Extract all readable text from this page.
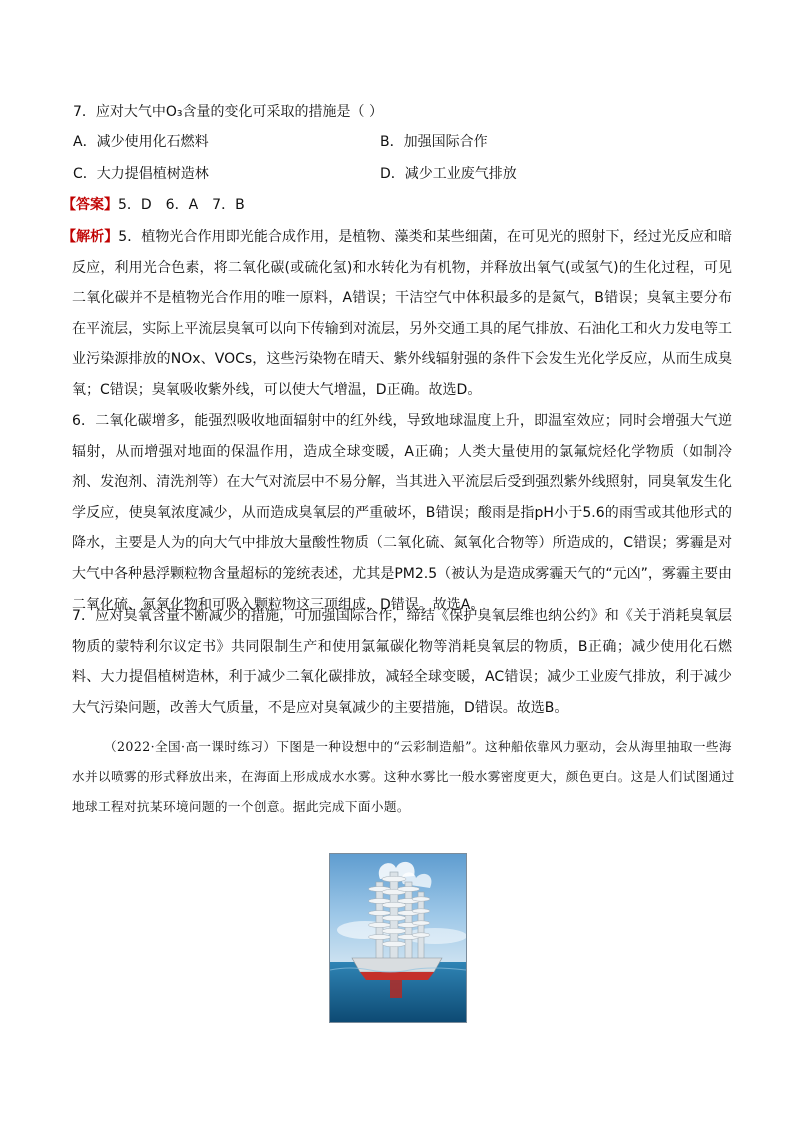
7．应对大气中O₃含量的变化可采取的措施是（ ）
A．减少使用化石燃料	B．加强国际合作
C．大力提倡植树造林	D．减少工业废气排放
【答案】5．D　6．A　7．B
【解析】5．植物光合作用即光能合成作用，是植物、藻类和某些细菌，在可见光的照射下，经过光反应和暗反应，利用光合色素，将二氧化碳(或硫化氢)和水转化为有机物，并释放出氧气(或氢气)的生化过程，可见二氧化碳并不是植物光合作用的唯一原料，A错误；干洁空气中体积最多的是氮气，B错误；臭氧主要分布在平流层，实际上平流层臭氧可以向下传输到对流层，另外交通工具的尾气排放、石油化工和火力发电等工业污染源排放的NOx、VOCs，这些污染物在晴天、紫外线辐射强的条件下会发生光化学反应，从而生成臭氧；C错误；臭氧吸收紫外线，可以使大气增温，D正确。故选D。
6．二氧化碳增多，能强烈吸收地面辐射中的红外线，导致地球温度上升，即温室效应；同时会增强大气逆辐射，从而增强对地面的保温作用，造成全球变暖，A正确；人类大量使用的氯氟烷烃化学物质（如制冷剂、发泡剂、清洗剂等）在大气对流层中不易分解，当其进入平流层后受到强烈紫外线照射，同臭氧发生化学反应，使臭氧浓度减少，从而造成臭氧层的严重破坏，B错误；酸雨是指pH小于5.6的雨雪或其他形式的降水，主要是人为的向大气中排放大量酸性物质（二氧化硫、氮氧化合物等）所造成的，C错误；雾霾是对大气中各种悬浮颗粒物含量超标的笼统表述，尤其是PM2.5（被认为是造成雾霾天气的“元凶”，雾霾主要由二氧化硫、氮氧化物和可吸入颗粒物这三项组成，D错误。故选A。
7．应对臭氧含量不断减少的措施，可加强国际合作，缔结《保护臭氧层维也纳公约》和《关于消耗臭氧层物质的蒙特利尔议定书》共同限制生产和使用氯氟碳化物等消耗臭氧层的物质，B正确；减少使用化石燃料、大力提倡植树造林，利于减少二氧化碳排放，减轻全球变暖，AC错误；减少工业废气排放，利于减少大气污染问题，改善大气质量，不是应对臭氧减少的主要措施，D错误。故选B。
（2022·全国·高一课时练习）下图是一种设想中的“云彩制造船”。这种船依靠风力驱动，会从海里抽取一些海水并以喷雾的形式释放出来，在海面上形成成水水雾。这种水雾比一般水雾密度更大，颜色更白。这是人们试图通过地球工程对抗某环境问题的一个创意。据此完成下面小题。
